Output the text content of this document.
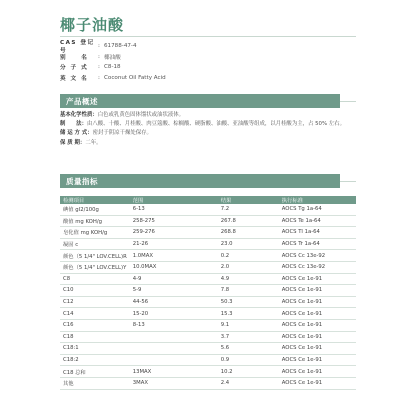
椰子油酸
CAS 登记号
: 61788-47-4
别　　名	: 椰油酸
分 子 式	: C8-18
英 文 名	: Coconut Oil Fatty Acid
产品概述
基本化学性质： 白色或乳黄色固体馏状或油状液体。
制　　法： 由八酸、十酸、月桂酸、肉豆蔻酸、棕榈酸、硬脂酸、油酸、亚油酸等组成，以月桂酸为主，占 50% 左右。
储 运 方 式： 密封于阴凉干燥处保存。
保 质 期： 二年。
质量指标
检测项目	范围	结果	执行标准
碘值 gI2/100g	6-13	7.2	AOCS Tg 1a-64
酸值 mg KOH/g	258-275	267.8	AOCS Te 1a-64
皂化值 mg KOH/g	259-276	268.8	AOCS Tl 1a-64
凝固 c	21-26	23.0	AOCS Tr 1a-64
颜色（5 1/4" LOV.CELL)R	1.0MAX	0.2	AOCS Cc 13e-92
颜色（5 1/4" LOV.CELL)Y	10.0MAX	2.0	AOCS Cc 13e-92
C8	4-9	4.9	AOCS Ce 1e-91
C10	5-9	7.8	AOCS Ce 1e-91
C12	44-56	50.3	AOCS Ce 1e-91
C14	15-20	15.3	AOCS Ce 1e-91
C16	8-13	9.1	AOCS Ce 1e-91
C18		3.7	AOCS Ce 1e-91
C18:1		5.6	AOCS Ce 1e-91
C18:2		0.9	AOCS Ce 1e-91
C18 总和	13MAX	10.2	AOCS Ce 1e-91
其他	3MAX	2.4	AOCS Ce 1e-91
